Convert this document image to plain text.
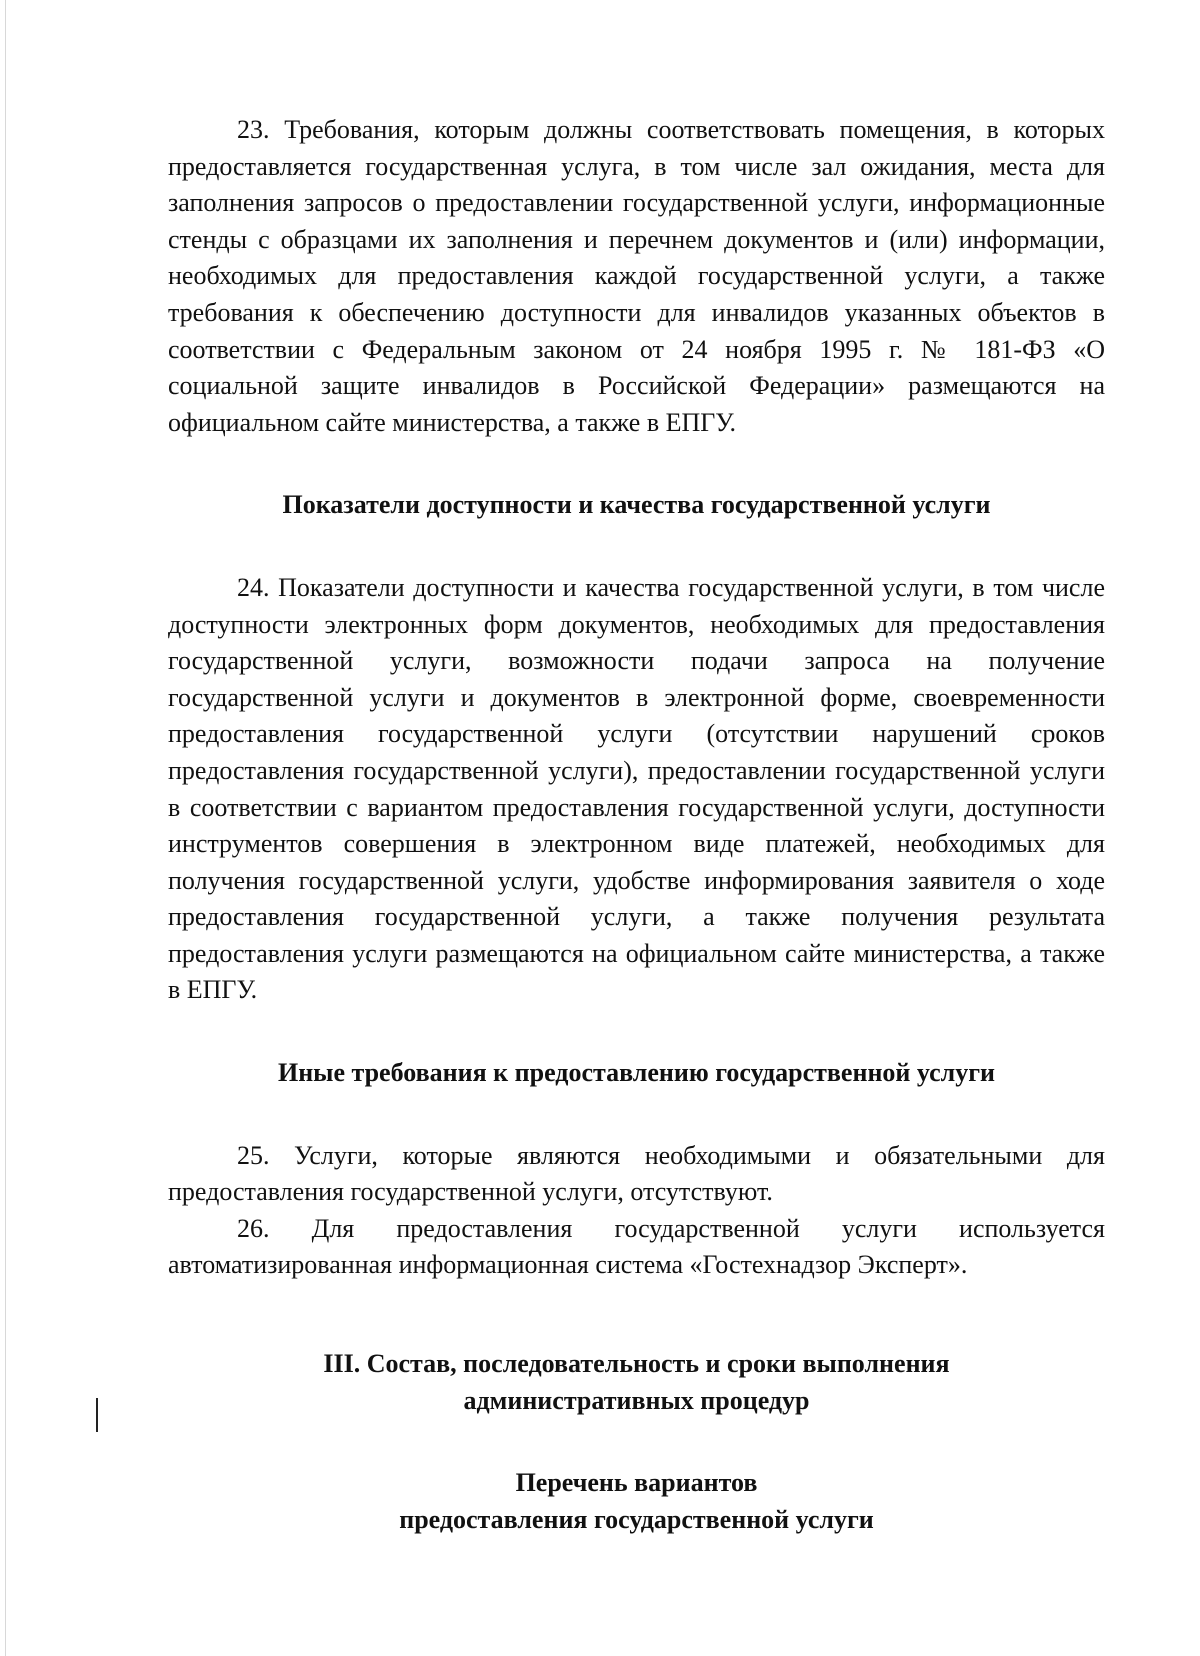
23. Требования, которым должны соответствовать помещения, в которых предоставляется государственная услуга, в том числе зал ожидания, места для заполнения запросов о предоставлении государственной услуги, информационные стенды с образцами их заполнения и перечнем документов и (или) информации, необходимых для предоставления каждой государственной услуги, а также требования к обеспечению доступности для инвалидов указанных объектов в соответствии с Федеральным законом от 24 ноября 1995 г. № 181-ФЗ «О социальной защите инвалидов в Российской Федерации» размещаются на официальном сайте министерства, а также в ЕПГУ.

Показатели доступности и качества государственной услуги

24. Показатели доступности и качества государственной услуги, в том числе доступности электронных форм документов, необходимых для предоставления государственной услуги, возможности подачи запроса на получение государственной услуги и документов в электронной форме, своевременности предоставления государственной услуги (отсутствии нарушений сроков предоставления государственной услуги), предоставлении государственной услуги в соответствии с вариантом предоставления государственной услуги, доступности инструментов совершения в электронном виде платежей, необходимых для получения государственной услуги, удобстве информирования заявителя о ходе предоставления государственной услуги, а также получения результата предоставления услуги размещаются на официальном сайте министерства, а также в ЕПГУ.

Иные требования к предоставлению государственной услуги

25. Услуги, которые являются необходимыми и обязательными для предоставления государственной услуги, отсутствуют.

26. Для предоставления государственной услуги используется автоматизированная информационная система «Гостехнадзор Эксперт».

III. Состав, последовательность и сроки выполнения
административных процедур
Перечень вариантов
предоставления государственной услуги
